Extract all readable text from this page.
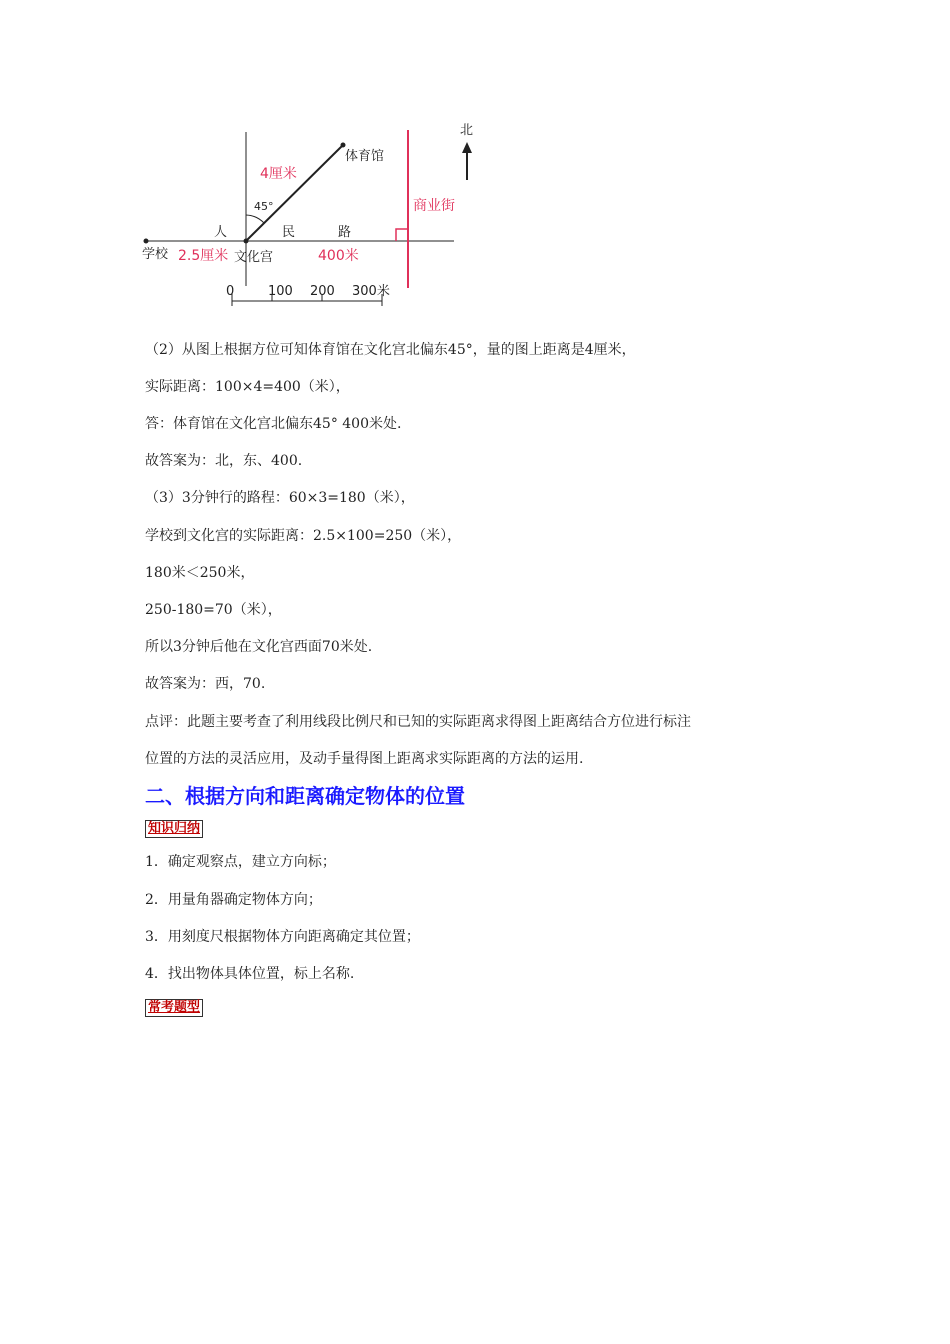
北
体育馆
4厘米
45°	商业街
人	民	路
学校 2.5厘米 文化宫	400米
0	100 200 300米
（2）从图上根据方位可知体育馆在文化宫北偏东45°，量的图上距离是4厘米，
实际距离：100×4=400（米），
答：体育馆在文化宫北偏东45° 400米处.
故答案为：北，东、400.
（3）3分钟行的路程：60×3=180（米），
学校到文化宫的实际距离：2.5×100=250（米），
180米＜250米，
250-180=70（米），
所以3分钟后他在文化宫西面70米处.
故答案为：西，70.
点评：此题主要考查了利用线段比例尺和已知的实际距离求得图上距离结合方位进行标注
位置的方法的灵活应用，及动手量得图上距离求实际距离的方法的运用.
二、根据方向和距离确定物体的位置
知识归纳
1．确定观察点，建立方向标；
2．用量角器确定物体方向；
3．用刻度尺根据物体方向距离确定其位置；
4．找出物体具体位置，标上名称.
常考题型
